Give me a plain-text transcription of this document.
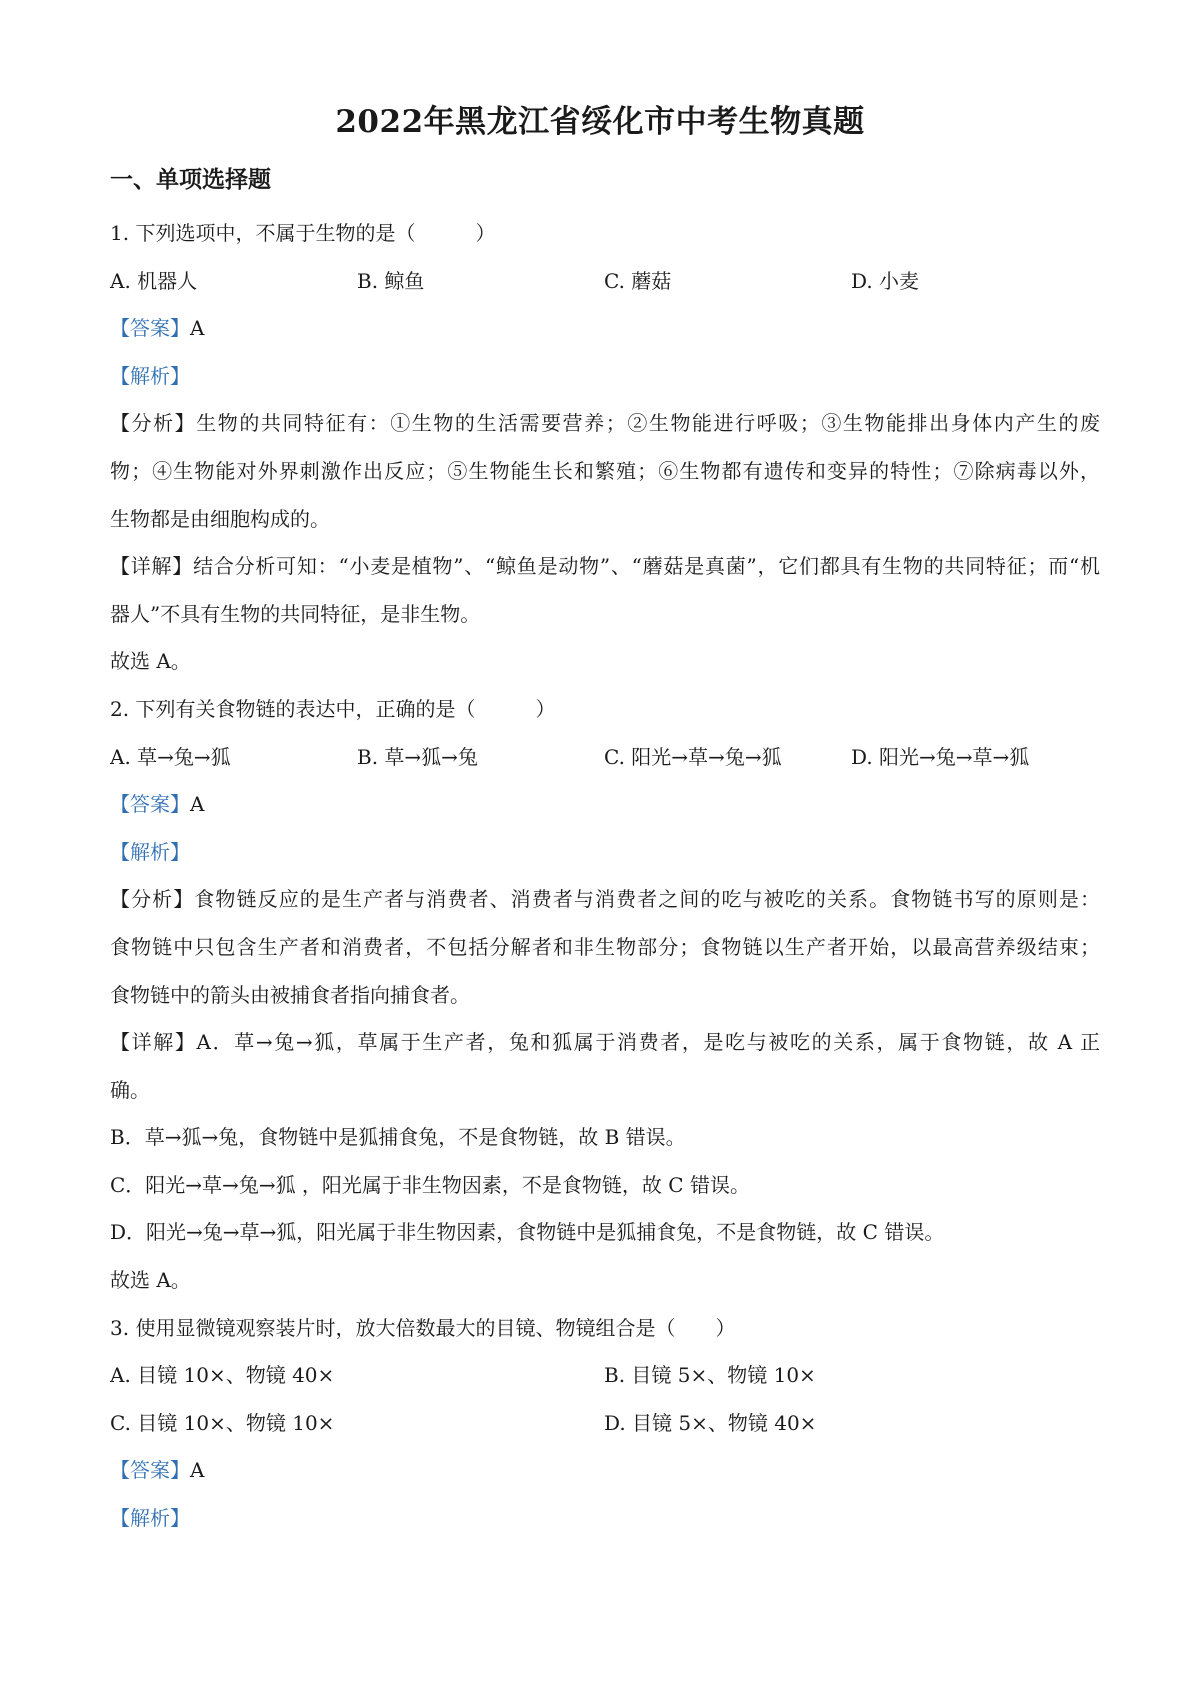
2022年黑龙江省绥化市中考生物真题
一、单项选择题
1. 下列选项中，不属于生物的是（　　　）
A. 机器人	B. 鲸鱼	C. 蘑菇	D. 小麦
【答案】A
【解析】
【分析】生物的共同特征有：①生物的生活需要营养；②生物能进行呼吸；③生物能排出身体内产生的废
物；④生物能对外界刺激作出反应；⑤生物能生长和繁殖；⑥生物都有遗传和变异的特性；⑦除病毒以外，
生物都是由细胞构成的。
【详解】结合分析可知：“小麦是植物”、“鲸鱼是动物”、“蘑菇是真菌”，它们都具有生物的共同特征；而“机
器人”不具有生物的共同特征，是非生物。
故选 A。
2. 下列有关食物链的表达中，正确的是（　　　）
A. 草→兔→狐	B. 草→狐→兔	C. 阳光→草→兔→狐	D. 阳光→兔→草→狐
【答案】A
【解析】
【分析】食物链反应的是生产者与消费者、消费者与消费者之间的吃与被吃的关系。食物链书写的原则是：
食物链中只包含生产者和消费者，不包括分解者和非生物部分；食物链以生产者开始，以最高营养级结束；
食物链中的箭头由被捕食者指向捕食者。
【详解】A．草→兔→狐，草属于生产者，兔和狐属于消费者，是吃与被吃的关系，属于食物链，故 A 正
确。
B．草→狐→兔，食物链中是狐捕食兔，不是食物链，故 B 错误。
C．阳光→草→兔→狐 ，阳光属于非生物因素，不是食物链，故 C 错误。
D．阳光→兔→草→狐，阳光属于非生物因素，食物链中是狐捕食兔，不是食物链，故 C 错误。
故选 A。
3. 使用显微镜观察装片时，放大倍数最大的目镜、物镜组合是（　　）
A. 目镜 10×、物镜 40×	B. 目镜 5×、物镜 10×
C. 目镜 10×、物镜 10×	D. 目镜 5×、物镜 40×
【答案】A
【解析】
